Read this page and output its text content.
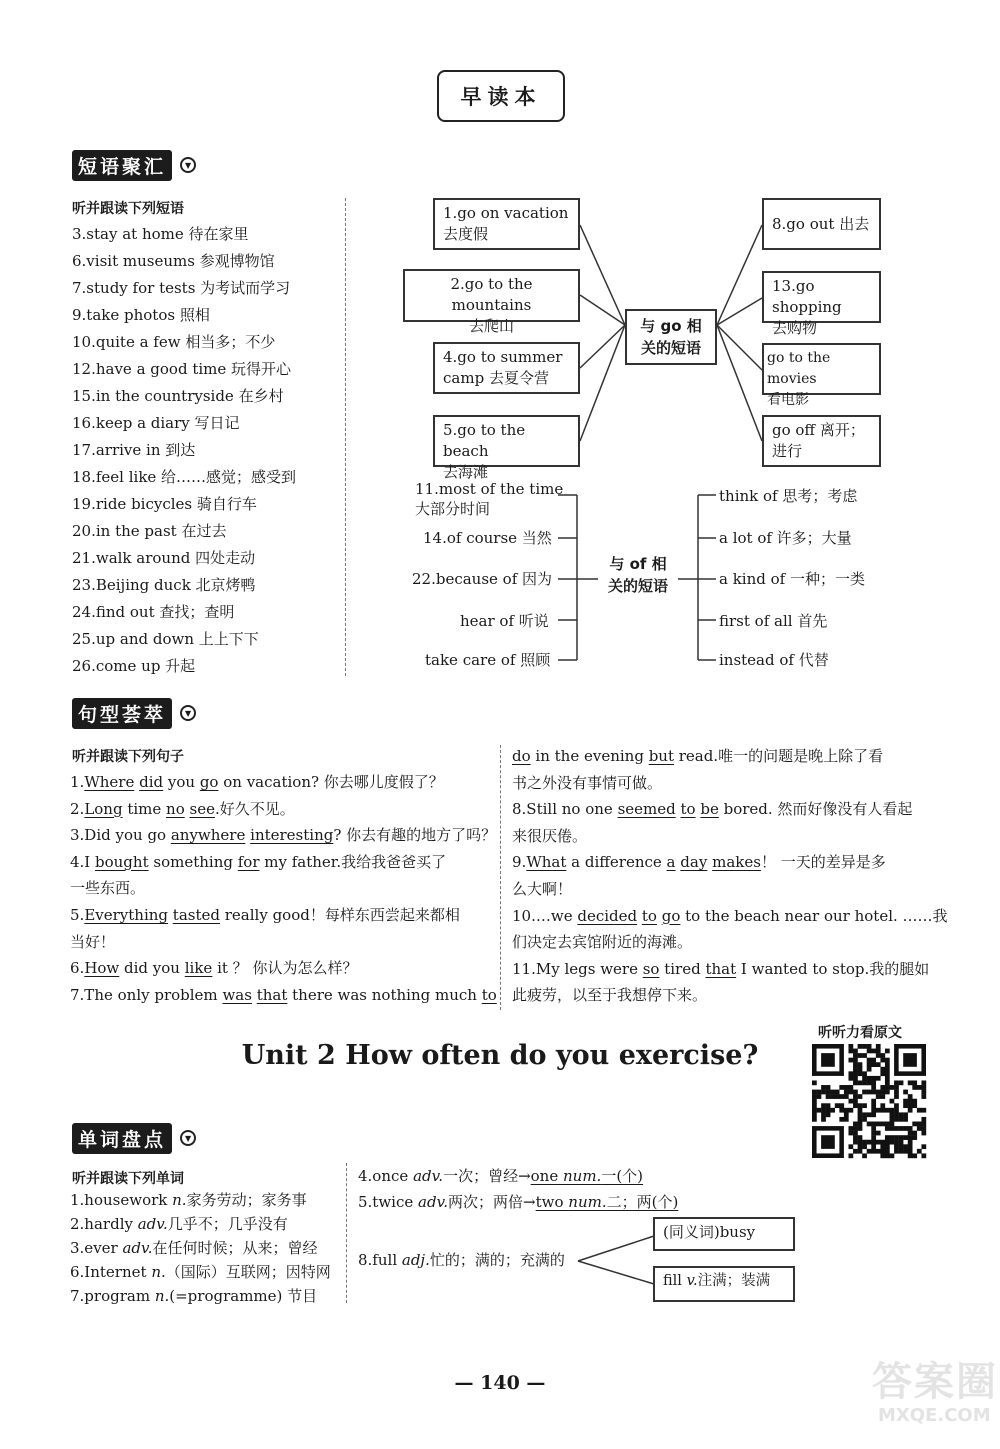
早读本
短语聚汇	▼
听并跟读下列短语
3.stay at home 待在家里
6.visit museums 参观博物馆
7.study for tests 为考试而学习
9.take photos 照相
10.quite a few 相当多；不少
12.have a good time 玩得开心
15.in the countryside 在乡村
16.keep a diary 写日记
17.arrive in 到达
18.feel like 给……感觉；感受到
19.ride bicycles 骑自行车
20.in the past 在过去
21.walk around 四处走动
23.Beijing duck 北京烤鸭
24.find out 查找；查明
25.up and down 上上下下
26.come up 升起
1.go on vacation
去度假
2.go to the mountains
去爬山
4.go to summer
camp 去夏令营
5.go to the beach
去海滩
与 go 相
关的短语
8.go out 出去
13.go shopping
去购物
go to the movies
看电影
go off 离开；
进行
11.most of the time
大部分时间
14.of course 当然
22.because of 因为
hear of 听说
take care of 照顾
与 of 相
关的短语
think of 思考；考虑
a lot of 许多；大量
a kind of 一种；一类
first of all 首先
instead of 代替
句型荟萃	▼
听并跟读下列句子
1.Where did you go on vacation? 你去哪儿度假了？
2.Long time no see.好久不见。
3.Did you go anywhere interesting? 你去有趣的地方了吗？
4.I bought something for my father.我给我爸爸买了
一些东西。
5.Everything tasted really good！每样东西尝起来都相
当好！
6.How did you like it ？ 你认为怎么样？
7.The only problem was that there was nothing much to
do in the evening but read.唯一的问题是晚上除了看
书之外没有事情可做。
8.Still no one seemed to be bored. 然而好像没有人看起
来很厌倦。
9.What a difference a day makes！ 一天的差异是多
么大啊！
10.…we decided to go to the beach near our hotel. ……我
们决定去宾馆附近的海滩。
11.My legs were so tired that I wanted to stop.我的腿如
此疲劳，以至于我想停下来。
Unit 2 How often do you exercise?
听听力看原文
单词盘点	▼
听并跟读下列单词
1.housework n.家务劳动；家务事
2.hardly adv.几乎不；几乎没有
3.ever adv.在任何时候；从来；曾经
6.Internet n.（国际）互联网；因特网
7.program n.(=programme) 节目
4.once adv.一次；曾经→one num.一(个)
5.twice adv.两次；两倍→two num.二；两(个)
8.full adj.忙的；满的；充满的
(同义词)busy
fill v.注满；装满
— 140 —	答案圈
MXQE.COM
